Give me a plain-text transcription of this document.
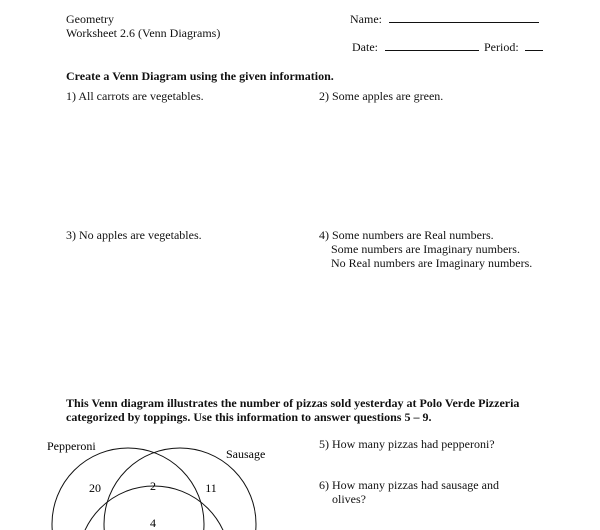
Geometry
Worksheet 2.6 (Venn Diagrams)
Name:
Date:	Period:
Create a Venn Diagram using the given information.
1) All carrots are vegetables.	2) Some apples are green.
3) No apples are vegetables.	4) Some numbers are Real numbers.
Some numbers are Imaginary numbers.
No Real numbers are Imaginary numbers.
This Venn diagram illustrates the number of pizzas sold yesterday at Polo Verde Pizzeria
categorized by toppings. Use this information to answer questions 5 – 9.
5) How many pizzas had pepperoni?
6) How many pizzas had sausage and
olives?
Pepperoni
Sausage
20	2	11
4
